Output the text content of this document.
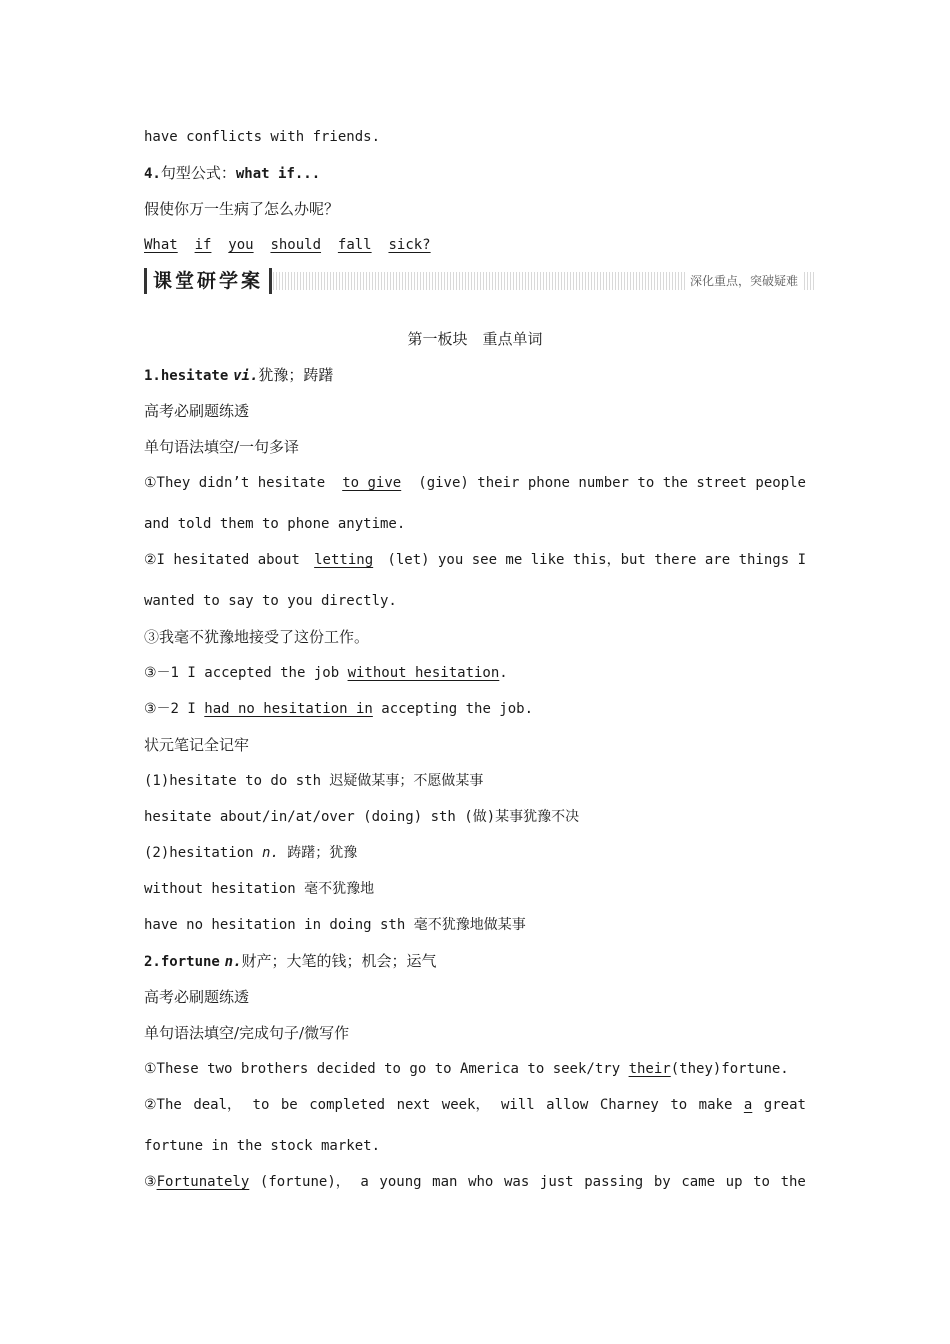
have conflicts with friends.
4.句型公式：what if...
假使你万一生病了怎么办呢？
What if you should fall sick?
课堂研学案	深化重点，突破疑难
第一板块　重点单词
1.hesitate vi.犹豫；踌躇
高考必刷题练透
单句语法填空/一句多译
①They didn’t hesitate to give (give) their phone number to the street people
and told them to phone anytime.
②I hesitated about letting (let) you see me like this，but there are things I
wanted to say to you directly.
③我毫不犹豫地接受了这份工作。
③－1 I accepted the job without hesitation.
③－2 I had no hesitation in accepting the job.
状元笔记全记牢
(1)hesitate to do sth 迟疑做某事；不愿做某事
hesitate about/in/at/over (doing) sth (做)某事犹豫不决
(2)hesitation n. 踌躇；犹豫
without hesitation 毫不犹豫地
have no hesitation in doing sth 毫不犹豫地做某事
2.fortune n.财产；大笔的钱；机会；运气
高考必刷题练透
单句语法填空/完成句子/微写作
①These two brothers decided to go to America to seek/try their(they)fortune.
②The deal， to be completed next week， will allow Charney to make a great
fortune in the stock market.
③Fortunately (fortune)， a young man who was just passing by came up to the
